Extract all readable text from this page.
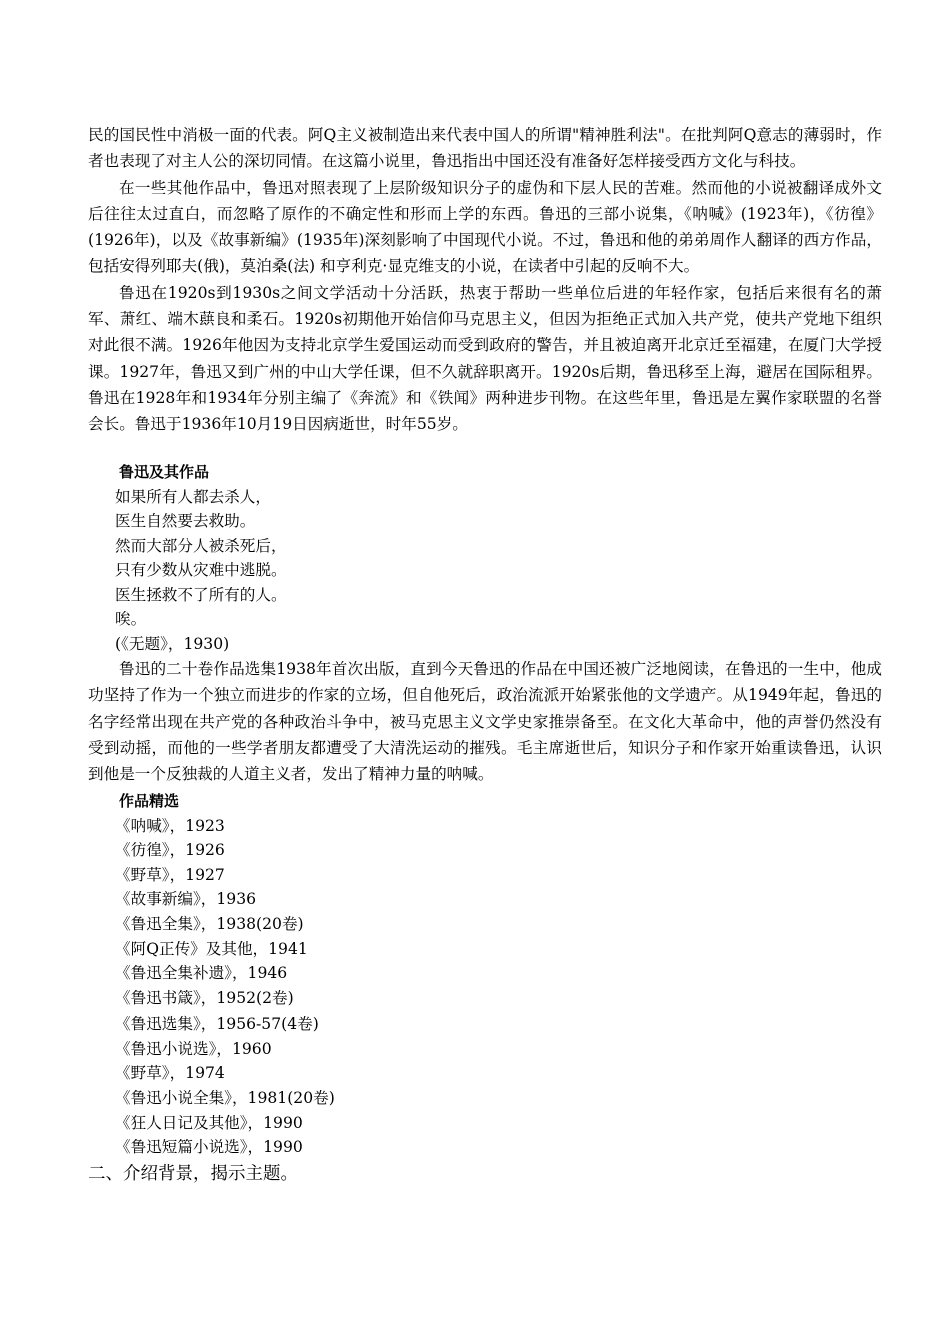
民的国民性中消极一面的代表。阿Q主义被制造出来代表中国人的所谓"精神胜利法"。在批判阿Q意志的薄弱时，作者也表现了对主人公的深切同情。在这篇小说里，鲁迅指出中国还没有准备好怎样接受西方文化与科技。

在一些其他作品中，鲁迅对照表现了上层阶级知识分子的虚伪和下层人民的苦难。然而他的小说被翻译成外文后往往太过直白，而忽略了原作的不确定性和形而上学的东西。鲁迅的三部小说集，《呐喊》(1923年)，《彷徨》(1926年)，以及《故事新编》(1935年)深刻影响了中国现代小说。不过，鲁迅和他的弟弟周作人翻译的西方作品，包括安得列耶夫(俄)，莫泊桑(法) 和亨利克·显克维支的小说，在读者中引起的反响不大。

鲁迅在1920s到1930s之间文学活动十分活跃，热衷于帮助一些单位后进的年轻作家，包括后来很有名的萧军、萧红、端木蕻良和柔石。1920s初期他开始信仰马克思主义，但因为拒绝正式加入共产党，使共产党地下组织对此很不满。1926年他因为支持北京学生爱国运动而受到政府的警告，并且被迫离开北京迁至福建，在厦门大学授课。1927年，鲁迅又到广州的中山大学任课，但不久就辞职离开。1920s后期，鲁迅移至上海，避居在国际租界。鲁迅在1928年和1934年分别主编了《奔流》和《铁闻》两种进步刊物。在这些年里，鲁迅是左翼作家联盟的名誉会长。鲁迅于1936年10月19日因病逝世，时年55岁。

鲁迅及其作品
如果所有人都去杀人，
医生自然要去救助。
然而大部分人被杀死后，
只有少数从灾难中逃脱。
医生拯救不了所有的人。
唉。
(《无题》，1930)

鲁迅的二十卷作品选集1938年首次出版，直到今天鲁迅的作品在中国还被广泛地阅读，在鲁迅的一生中，他成功坚持了作为一个独立而进步的作家的立场，但自他死后，政治流派开始紧张他的文学遗产。从1949年起，鲁迅的名字经常出现在共产党的各种政治斗争中，被马克思主义文学史家推崇备至。在文化大革命中，他的声誉仍然没有受到动摇，而他的一些学者朋友都遭受了大清洗运动的摧残。毛主席逝世后，知识分子和作家开始重读鲁迅，认识到他是一个反独裁的人道主义者，发出了精神力量的呐喊。

作品精选
《呐喊》，1923
《彷徨》，1926
《野草》，1927
《故事新编》，1936
《鲁迅全集》，1938(20卷)
《阿Q正传》及其他，1941
《鲁迅全集补遗》，1946
《鲁迅书箴》，1952(2卷)
《鲁迅选集》，1956-57(4卷)
《鲁迅小说选》，1960
《野草》，1974
《鲁迅小说全集》，1981(20卷)
《狂人日记及其他》，1990
《鲁迅短篇小说选》，1990
二、介绍背景，揭示主题。
